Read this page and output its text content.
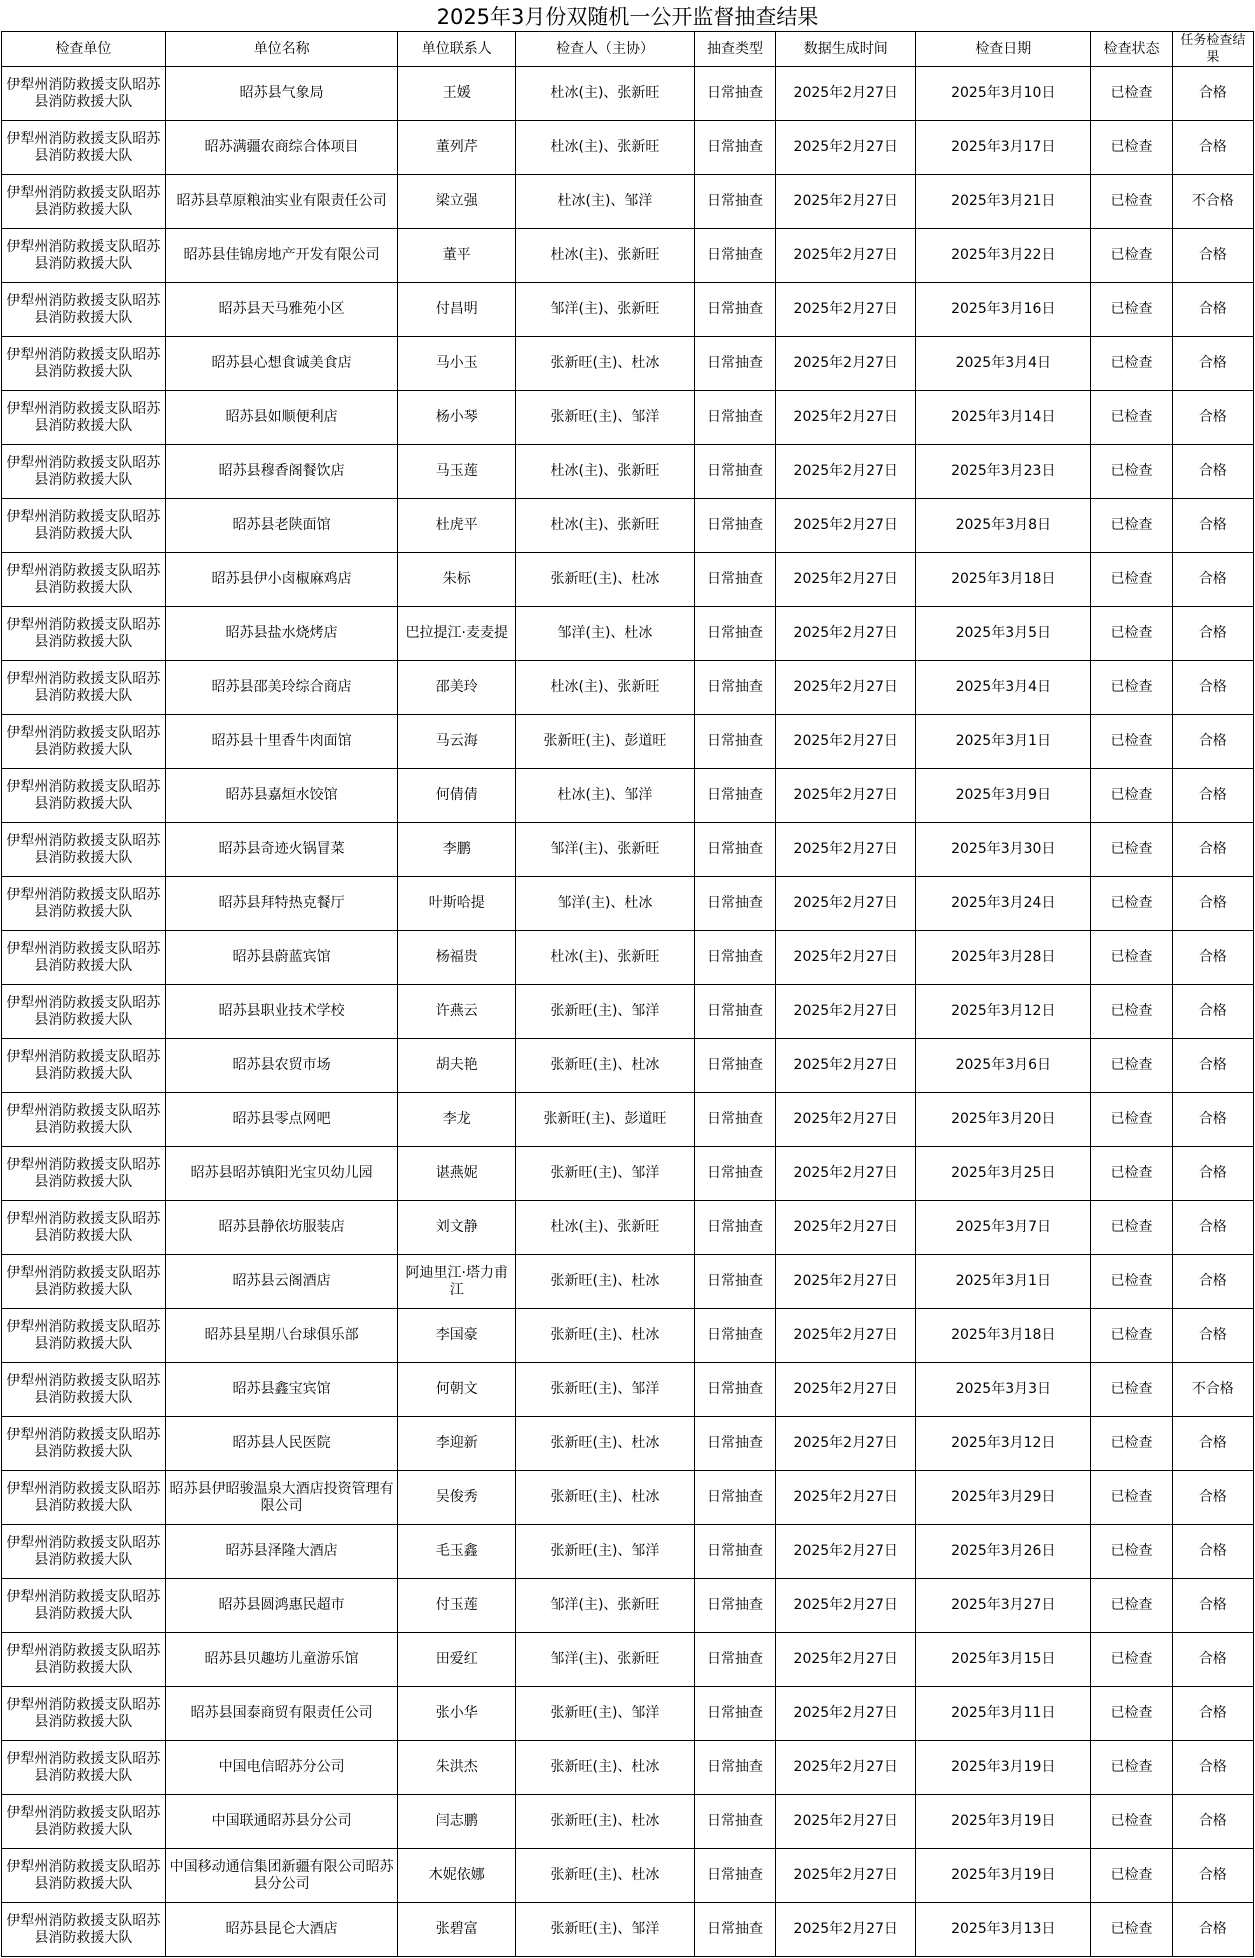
2025年3月份双随机一公开监督抽查结果
检查单位	单位名称	单位联系人	检查人（主协）	抽查类型	数据生成时间	检查日期	检查状态	任务检查结果
伊犁州消防救援支队昭苏县消防救援大队	昭苏县气象局	王媛	杜冰(主)、张新旺	日常抽查	2025年2月27日	2025年3月10日	已检查	合格
伊犁州消防救援支队昭苏县消防救援大队	昭苏满疆农商综合体项目	董列芹	杜冰(主)、张新旺	日常抽查	2025年2月27日	2025年3月17日	已检查	合格
伊犁州消防救援支队昭苏县消防救援大队	昭苏县草原粮油实业有限责任公司	梁立强	杜冰(主)、邹洋	日常抽查	2025年2月27日	2025年3月21日	已检查	不合格
伊犁州消防救援支队昭苏县消防救援大队	昭苏县佳锦房地产开发有限公司	董平	杜冰(主)、张新旺	日常抽查	2025年2月27日	2025年3月22日	已检查	合格
伊犁州消防救援支队昭苏县消防救援大队	昭苏县天马雅苑小区	付昌明	邹洋(主)、张新旺	日常抽查	2025年2月27日	2025年3月16日	已检查	合格
伊犁州消防救援支队昭苏县消防救援大队	昭苏县心想食诚美食店	马小玉	张新旺(主)、杜冰	日常抽查	2025年2月27日	2025年3月4日	已检查	合格
伊犁州消防救援支队昭苏县消防救援大队	昭苏县如顺便利店	杨小琴	张新旺(主)、邹洋	日常抽查	2025年2月27日	2025年3月14日	已检查	合格
伊犁州消防救援支队昭苏县消防救援大队	昭苏县穆香阁餐饮店	马玉莲	杜冰(主)、张新旺	日常抽查	2025年2月27日	2025年3月23日	已检查	合格
伊犁州消防救援支队昭苏县消防救援大队	昭苏县老陕面馆	杜虎平	杜冰(主)、张新旺	日常抽查	2025年2月27日	2025年3月8日	已检查	合格
伊犁州消防救援支队昭苏县消防救援大队	昭苏县伊小卤椒麻鸡店	朱标	张新旺(主)、杜冰	日常抽查	2025年2月27日	2025年3月18日	已检查	合格
伊犁州消防救援支队昭苏县消防救援大队	昭苏县盐水烧烤店	巴拉提江·麦麦提	邹洋(主)、杜冰	日常抽查	2025年2月27日	2025年3月5日	已检查	合格
伊犁州消防救援支队昭苏县消防救援大队	昭苏县邵美玲综合商店	邵美玲	杜冰(主)、张新旺	日常抽查	2025年2月27日	2025年3月4日	已检查	合格
伊犁州消防救援支队昭苏县消防救援大队	昭苏县十里香牛肉面馆	马云海	张新旺(主)、彭道旺	日常抽查	2025年2月27日	2025年3月1日	已检查	合格
伊犁州消防救援支队昭苏县消防救援大队	昭苏县嘉烜水饺馆	何倩倩	杜冰(主)、邹洋	日常抽查	2025年2月27日	2025年3月9日	已检查	合格
伊犁州消防救援支队昭苏县消防救援大队	昭苏县奇迹火锅冒菜	李鹏	邹洋(主)、张新旺	日常抽查	2025年2月27日	2025年3月30日	已检查	合格
伊犁州消防救援支队昭苏县消防救援大队	昭苏县拜特热克餐厅	叶斯哈提	邹洋(主)、杜冰	日常抽查	2025年2月27日	2025年3月24日	已检查	合格
伊犁州消防救援支队昭苏县消防救援大队	昭苏县蔚蓝宾馆	杨福贵	杜冰(主)、张新旺	日常抽查	2025年2月27日	2025年3月28日	已检查	合格
伊犁州消防救援支队昭苏县消防救援大队	昭苏县职业技术学校	许燕云	张新旺(主)、邹洋	日常抽查	2025年2月27日	2025年3月12日	已检查	合格
伊犁州消防救援支队昭苏县消防救援大队	昭苏县农贸市场	胡夫艳	张新旺(主)、杜冰	日常抽查	2025年2月27日	2025年3月6日	已检查	合格
伊犁州消防救援支队昭苏县消防救援大队	昭苏县零点网吧	李龙	张新旺(主)、彭道旺	日常抽查	2025年2月27日	2025年3月20日	已检查	合格
伊犁州消防救援支队昭苏县消防救援大队	昭苏县昭苏镇阳光宝贝幼儿园	谌燕妮	张新旺(主)、邹洋	日常抽查	2025年2月27日	2025年3月25日	已检查	合格
伊犁州消防救援支队昭苏县消防救援大队	昭苏县静依坊服装店	刘文静	杜冰(主)、张新旺	日常抽查	2025年2月27日	2025年3月7日	已检查	合格
伊犁州消防救援支队昭苏县消防救援大队	昭苏县云阁酒店	阿迪里江·塔力甫江	张新旺(主)、杜冰	日常抽查	2025年2月27日	2025年3月1日	已检查	合格
伊犁州消防救援支队昭苏县消防救援大队	昭苏县星期八台球俱乐部	李国豪	张新旺(主)、杜冰	日常抽查	2025年2月27日	2025年3月18日	已检查	合格
伊犁州消防救援支队昭苏县消防救援大队	昭苏县鑫宝宾馆	何朝文	张新旺(主)、邹洋	日常抽查	2025年2月27日	2025年3月3日	已检查	不合格
伊犁州消防救援支队昭苏县消防救援大队	昭苏县人民医院	李迎新	张新旺(主)、杜冰	日常抽查	2025年2月27日	2025年3月12日	已检查	合格
伊犁州消防救援支队昭苏县消防救援大队	昭苏县伊昭骏温泉大酒店投资管理有限公司	吴俊秀	张新旺(主)、杜冰	日常抽查	2025年2月27日	2025年3月29日	已检查	合格
伊犁州消防救援支队昭苏县消防救援大队	昭苏县泽隆大酒店	毛玉鑫	张新旺(主)、邹洋	日常抽查	2025年2月27日	2025年3月26日	已检查	合格
伊犁州消防救援支队昭苏县消防救援大队	昭苏县圆鸿惠民超市	付玉莲	邹洋(主)、张新旺	日常抽查	2025年2月27日	2025年3月27日	已检查	合格
伊犁州消防救援支队昭苏县消防救援大队	昭苏县贝趣坊儿童游乐馆	田爱红	邹洋(主)、张新旺	日常抽查	2025年2月27日	2025年3月15日	已检查	合格
伊犁州消防救援支队昭苏县消防救援大队	昭苏县国泰商贸有限责任公司	张小华	张新旺(主)、邹洋	日常抽查	2025年2月27日	2025年3月11日	已检查	合格
伊犁州消防救援支队昭苏县消防救援大队	中国电信昭苏分公司	朱洪杰	张新旺(主)、杜冰	日常抽查	2025年2月27日	2025年3月19日	已检查	合格
伊犁州消防救援支队昭苏县消防救援大队	中国联通昭苏县分公司	闫志鹏	张新旺(主)、杜冰	日常抽查	2025年2月27日	2025年3月19日	已检查	合格
伊犁州消防救援支队昭苏县消防救援大队	中国移动通信集团新疆有限公司昭苏县分公司	木妮依娜	张新旺(主)、杜冰	日常抽查	2025年2月27日	2025年3月19日	已检查	合格
伊犁州消防救援支队昭苏县消防救援大队	昭苏县昆仑大酒店	张碧富	张新旺(主)、邹洋	日常抽查	2025年2月27日	2025年3月13日	已检查	合格
